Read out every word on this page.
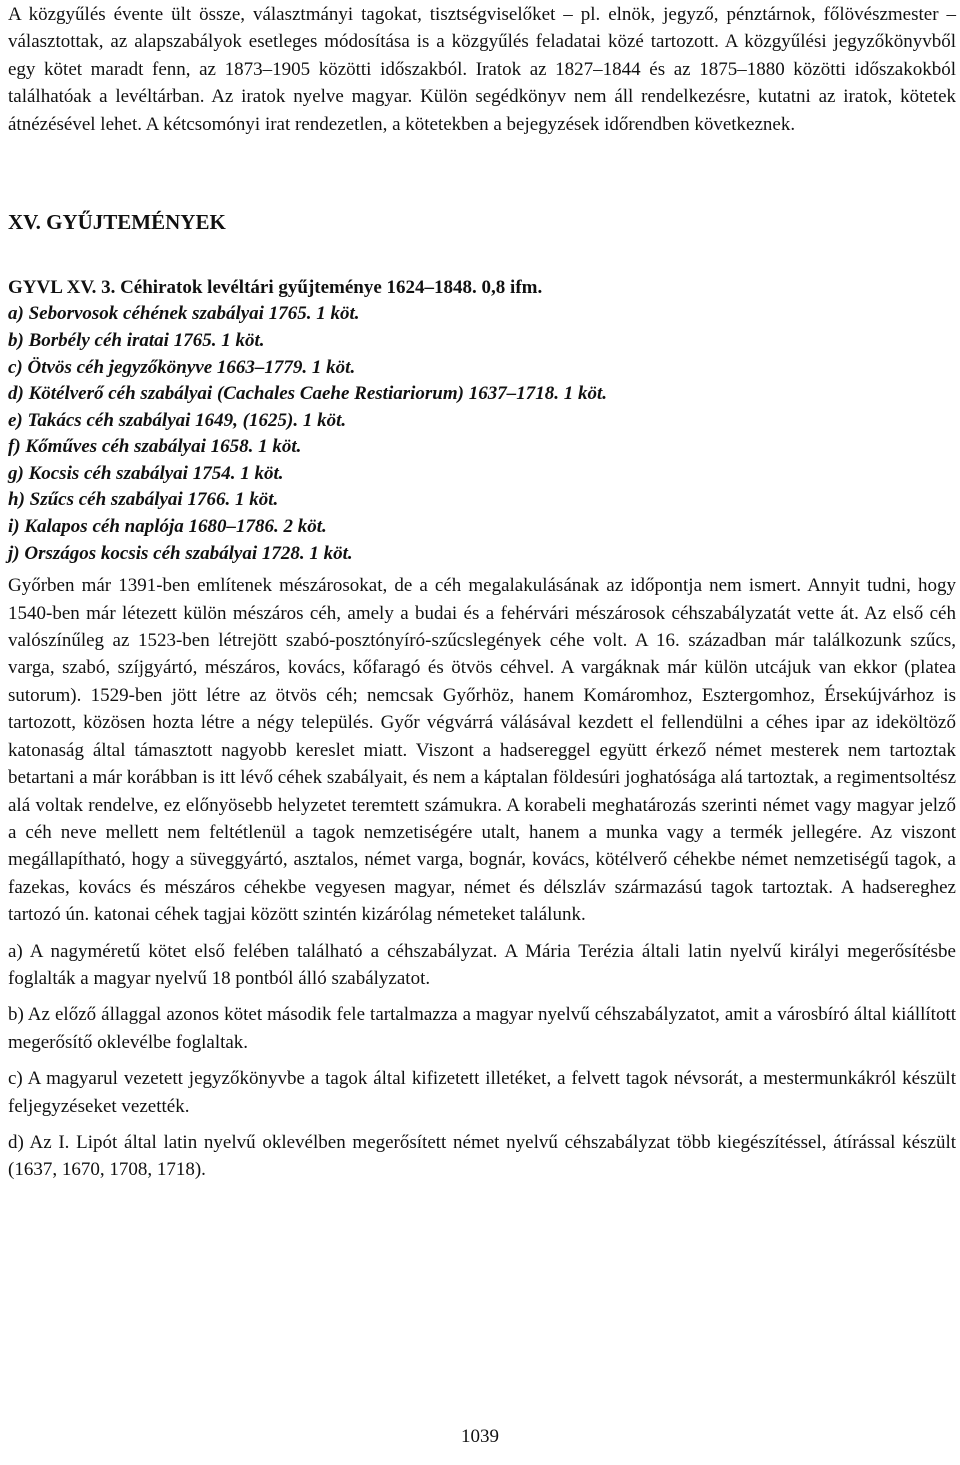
A közgyűlés évente ült össze, választmányi tagokat, tisztségviselőket – pl. elnök, jegyző, pénztárnok, főlövészmester – választottak, az alapszabályok esetleges módosítása is a közgyűlés feladatai közé tartozott. A közgyűlési jegyzőkönyvből egy kötet maradt fenn, az 1873–1905 közötti időszakból. Iratok az 1827–1844 és az 1875–1880 közötti időszakokból találhatóak a levéltárban. Az iratok nyelve magyar. Külön segédkönyv nem áll rendelkezésre, kutatni az iratok, kötetek átnézésével lehet. A kétcsomónyi irat rendezetlen, a kötetekben a bejegyzések időrendben következnek.

XV. GYŰJTEMÉNYEK
GYVL XV. 3. Céhiratok levéltári gyűjteménye 1624–1848. 0,8 ifm.
a) Seborvosok céhének szabályai 1765. 1 köt.
b) Borbély céh iratai 1765. 1 köt.
c) Ötvös céh jegyzőkönyve 1663–1779. 1 köt.
d) Kötélverő céh szabályai (Cachales Caehe Restiariorum) 1637–1718. 1 köt.
e) Takács céh szabályai 1649, (1625). 1 köt.
f) Kőműves céh szabályai 1658. 1 köt.
g) Kocsis céh szabályai 1754. 1 köt.
h) Szűcs céh szabályai 1766. 1 köt.
i) Kalapos céh naplója 1680–1786. 2 köt.
j) Országos kocsis céh szabályai 1728. 1 köt.

Győrben már 1391-ben említenek mészárosokat, de a céh megalakulásának az időpontja nem ismert. Annyit tudni, hogy 1540-ben már létezett külön mészáros céh, amely a budai és a fehérvári mészárosok céhszabályzatát vette át. Az első céh valószínűleg az 1523-ben létrejött szabó-posztónyíró-szűcslegények céhe volt. A 16. században már találkozunk szűcs, varga, szabó, szíjgyártó, mészáros, kovács, kőfaragó és ötvös céhvel. A vargáknak már külön utcájuk van ekkor (platea sutorum). 1529-ben jött létre az ötvös céh; nemcsak Győrhöz, hanem Komáromhoz, Esztergomhoz, Érsekújvárhoz is tartozott, közösen hozta létre a négy település. Győr végvárrá válásával kezdett el fellendülni a céhes ipar az ideköltöző katonaság által támasztott nagyobb kereslet miatt. Viszont a hadsereggel együtt érkező német mesterek nem tartoztak betartani a már korábban is itt lévő céhek szabályait, és nem a káptalan földesúri joghatósága alá tartoztak, a regimentsoltész alá voltak rendelve, ez előnyösebb helyzetet teremtett számukra. A korabeli meghatározás szerinti német vagy magyar jelző a céh neve mellett nem feltétlenül a tagok nemzetiségére utalt, hanem a munka vagy a termék jellegére. Az viszont megállapítható, hogy a süveggyártó, asztalos, német varga, bognár, kovács, kötélverő céhekbe német nemzetiségű tagok, a fazekas, kovács és mészáros céhekbe vegyesen magyar, német és délszláv származású tagok tartoztak. A hadsereghez tartozó ún. katonai céhek tagjai között szintén kizárólag németeket találunk.

a) A nagyméretű kötet első felében található a céhszabályzat. A Mária Terézia általi latin nyelvű királyi megerősítésbe foglalták a magyar nyelvű 18 pontból álló szabályzatot.

b) Az előző állaggal azonos kötet második fele tartalmazza a magyar nyelvű céhszabályzatot, amit a városbíró által kiállított megerősítő oklevélbe foglaltak.

c) A magyarul vezetett jegyzőkönyvbe a tagok által kifizetett illetéket, a felvett tagok névsorát, a mestermunkákról készült feljegyzéseket vezették.

d) Az I. Lipót által latin nyelvű oklevélben megerősített német nyelvű céhszabályzat több kiegészítéssel, átírással készült (1637, 1670, 1708, 1718).

1039
